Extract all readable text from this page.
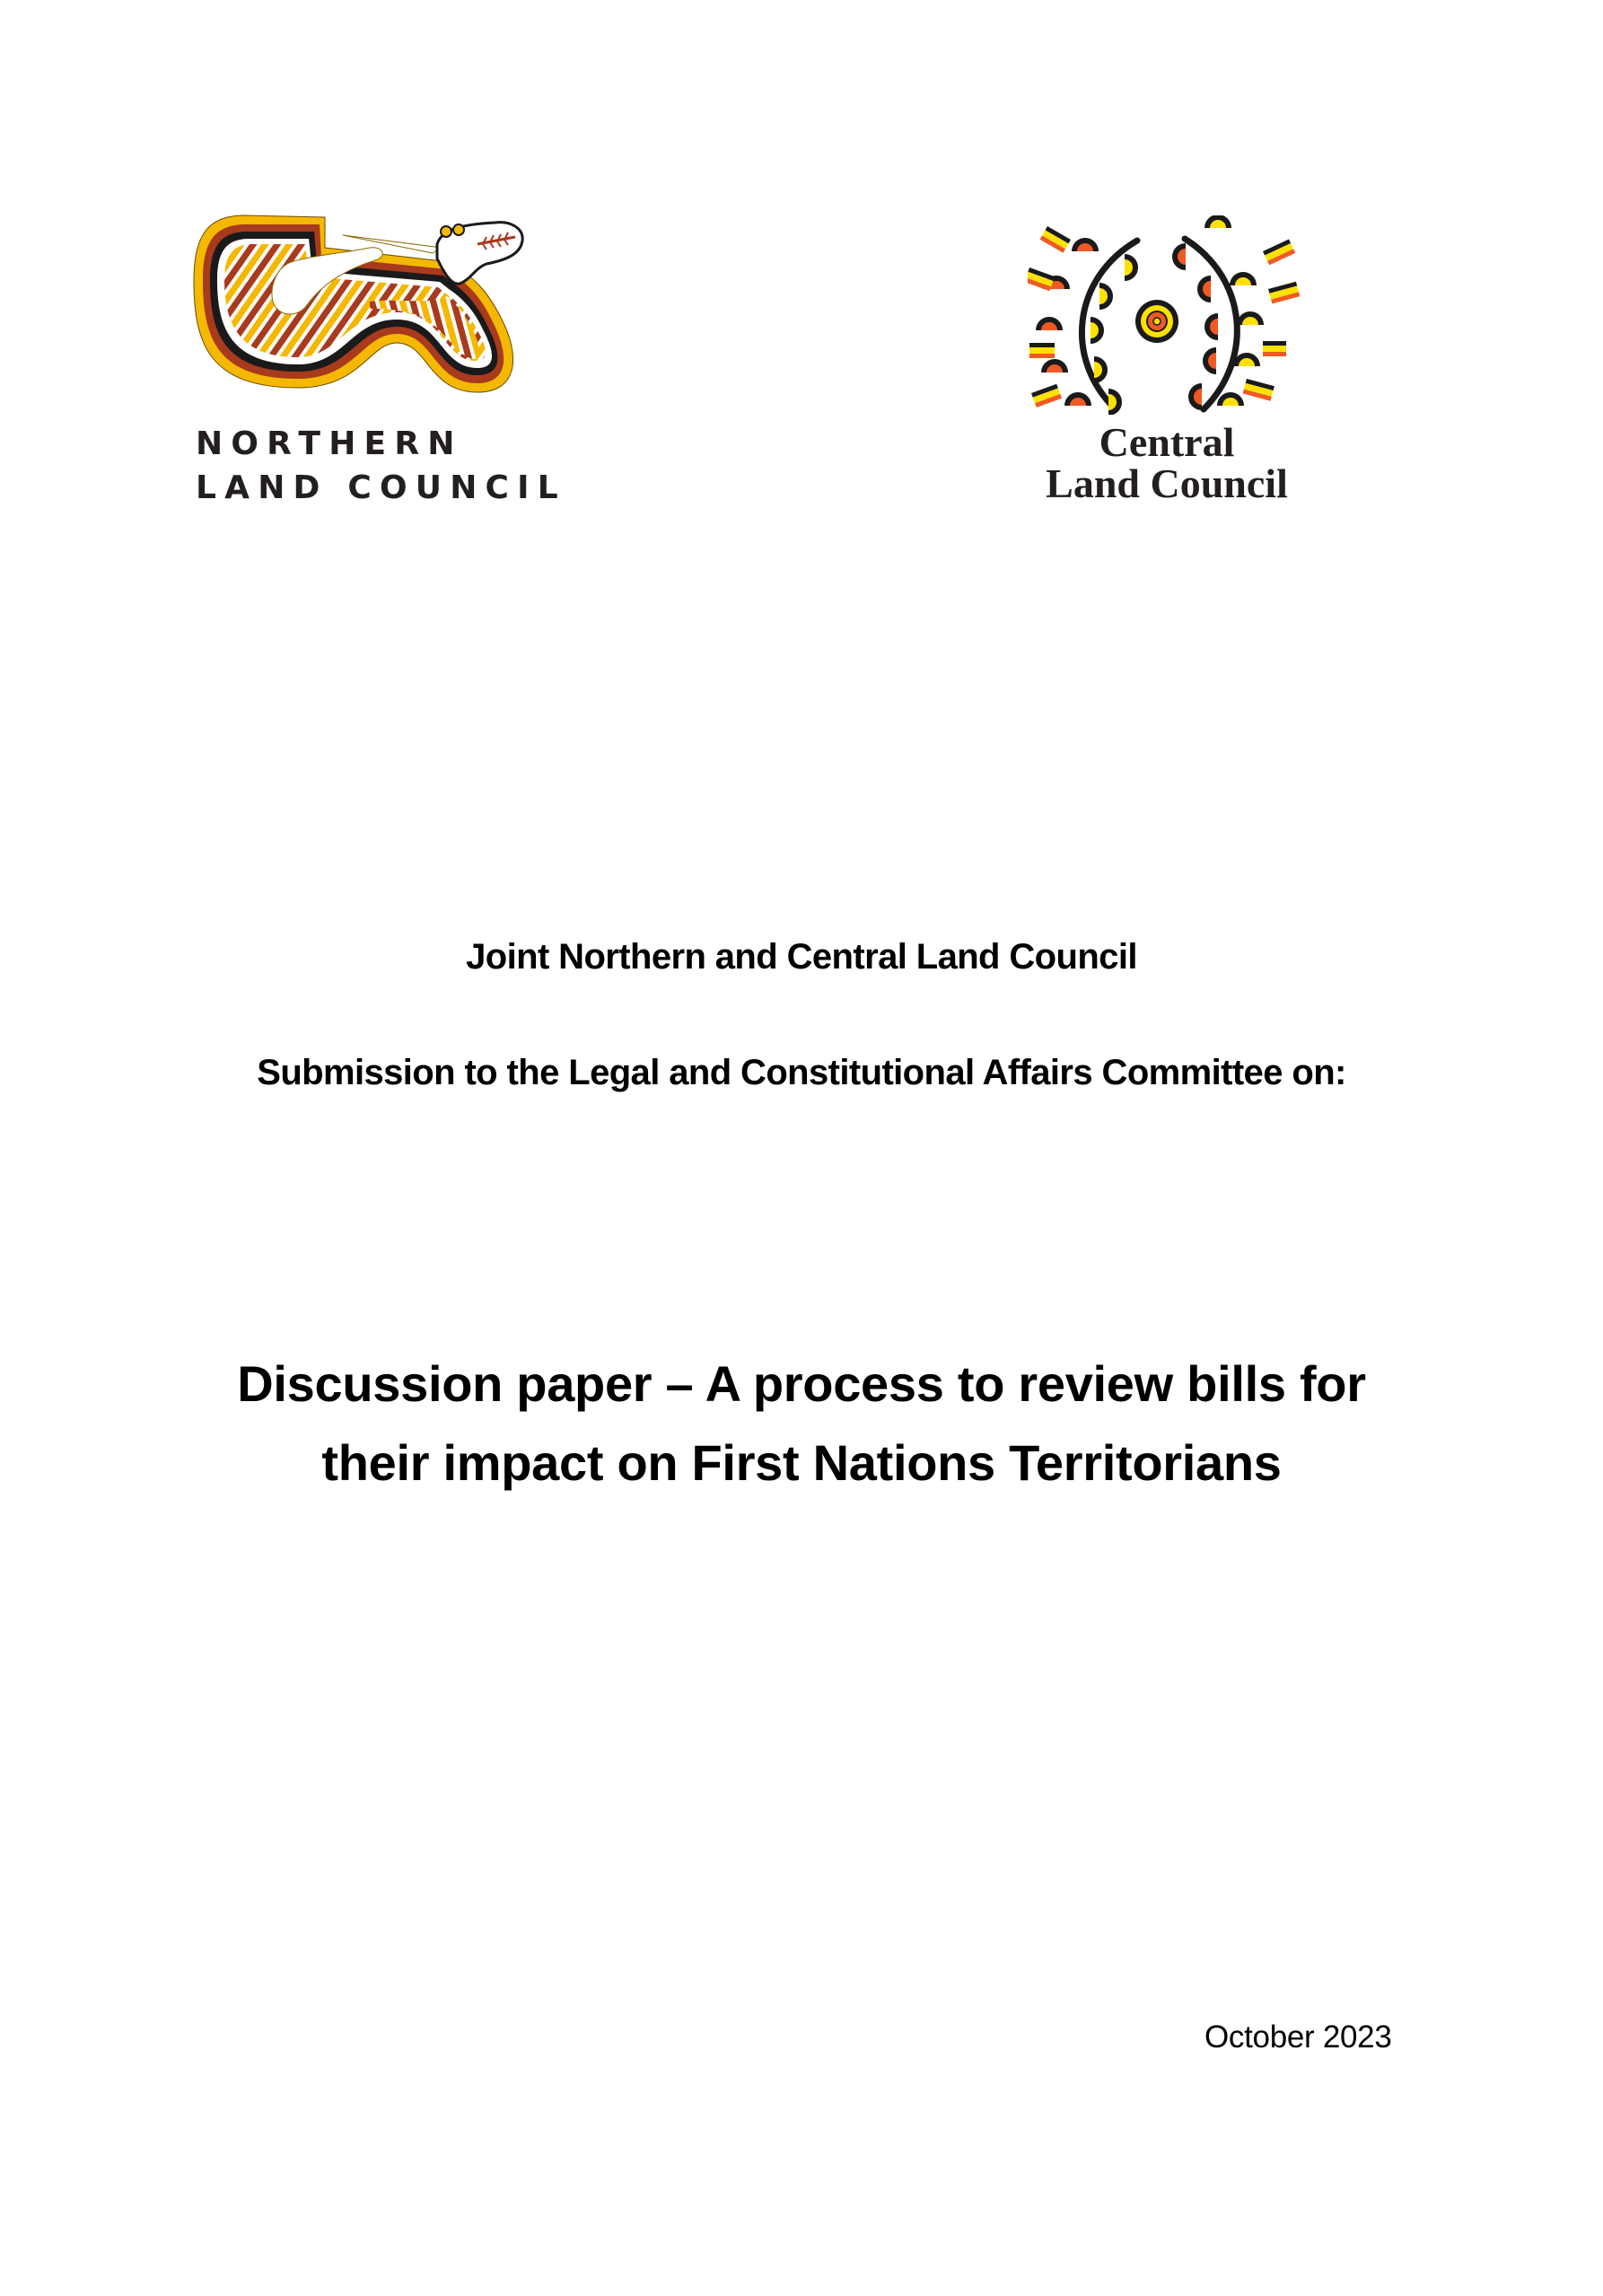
NORTHERN
LAND COUNCIL
Central
Land Council
Joint Northern and Central Land Council
Submission to the Legal and Constitutional Affairs Committee on:
Discussion paper – A process to review bills for
their impact on First Nations Territorians
October 2023
